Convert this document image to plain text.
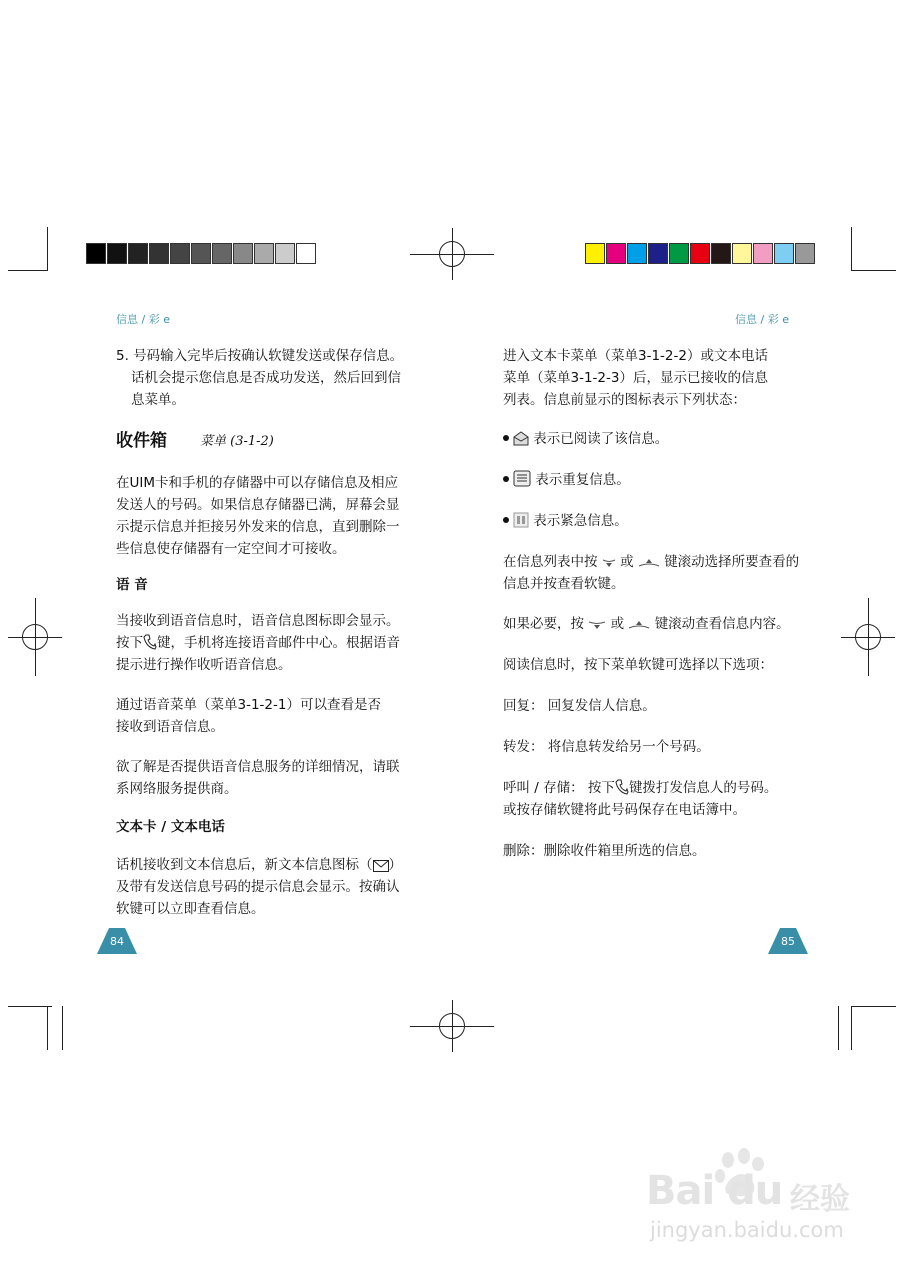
信息 / 彩 e	信息 / 彩 e
5. 号码输入完毕后按确认软键发送或保存信息。
话机会提示您信息是否成功发送，然后回到信
息菜单。
收件箱	菜单 (3-1-2)
在UIM卡和手机的存储器中可以存储信息及相应
发送人的号码。如果信息存储器已满，屏幕会显
示提示信息并拒接另外发来的信息，直到删除一
些信息使存储器有一定空间才可接收。
语 音
当接收到语音信息时，语音信息图标即会显示。
按下 键，手机将连接语音邮件中心。根据语音
提示进行操作收听语音信息。
通过语音菜单（菜单3-1-2-1）可以查看是否
接收到语音信息。
欲了解是否提供语音信息服务的详细情况，请联
系网络服务提供商。
文本卡 / 文本电话
话机接收到文本信息后，新文本信息图标（ ）
及带有发送信息号码的提示信息会显示。按确认
软键可以立即查看信息。
84
进入文本卡菜单（菜单3-1-2-2）或文本电话
菜单（菜单3-1-2-3）后，显示已接收的信息
列表。信息前显示的图标表示下列状态：
表示已阅读了该信息。
表示重复信息。
表示紧急信息。
在信息列表中按 或 键滚动选择所要查看的
信息并按查看软键。
如果必要，按 或 键滚动查看信息内容。
阅读信息时，按下菜单软键可选择以下选项：
回复： 回复发信人信息。
转发： 将信息转发给另一个号码。
呼叫 / 存储： 按下 键拨打发信息人的号码。
或按存储软键将此号码保存在电话簿中。
删除：删除收件箱里所选的信息。
85
Bai du 经验
jingyan.baidu.com
